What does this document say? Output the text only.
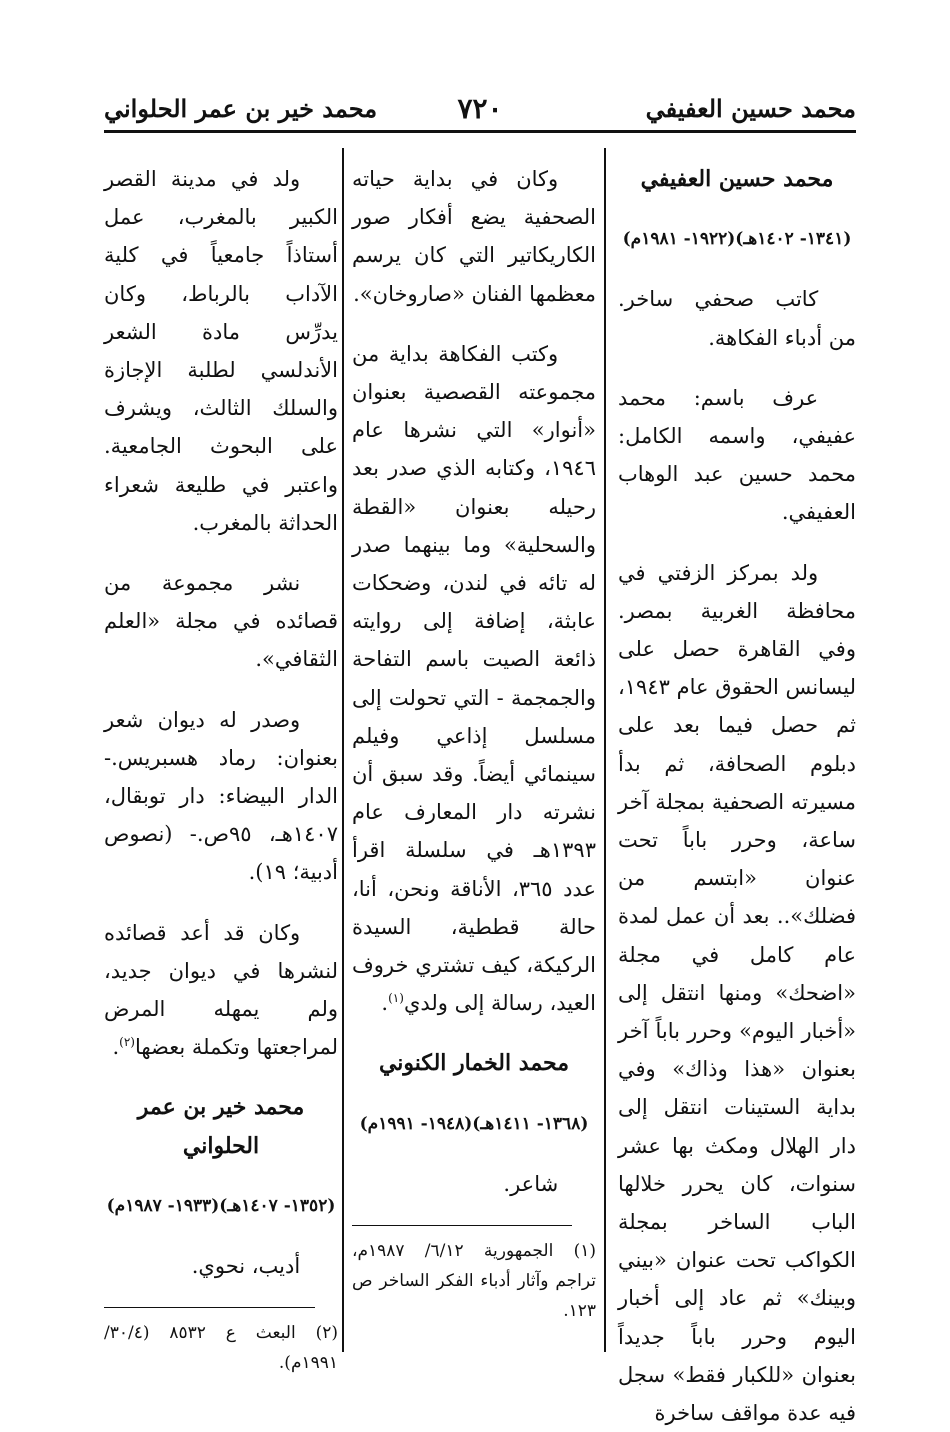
محمد حسين العفيفي
٧٢٠
محمد خير بن عمر الحلواني

محمد حسين العفيفي

(١٣٤١- ١٤٠٢هـ)(١٩٢٢- ١٩٨١م)

كاتب صحفي ساخر. من أدباء الفكاهة.

عرف باسم: محمد عفيفي، واسمه الكامل: محمد حسين عبد الوهاب العفيفي.

ولد بمركز الزفتي في محافظة الغربية بمصر. وفي القاهرة حصل على ليسانس الحقوق عام ١٩٤٣، ثم حصل فيما بعد على دبلوم الصحافة، ثم بدأ مسيرته الصحفية بمجلة آخر ساعة، وحرر باباً تحت عنوان «ابتسم من فضلك».. بعد أن عمل لمدة عام كامل في مجلة «اضحك» ومنها انتقل إلى «أخبار اليوم» وحرر باباً آخر بعنوان «هذا وذاك» وفي بداية الستينات انتقل إلى دار الهلال ومكث بها عشر سنوات، كان يحرر خلالها الباب الساخر بمجلة الكواكب تحت عنوان «بيني وبينك» ثم عاد إلى أخبار اليوم وحرر باباً جديداً بعنوان «للكبار فقط» سجل فيه عدة مواقف ساخرة

وكان في بداية حياته الصحفية يضع أفكار صور الكاريكاتير التي كان يرسم معظمها الفنان «صاروخان».

وكتب الفكاهة بداية من مجموعته القصصية بعنوان «أنوار» التي نشرها عام ١٩٤٦، وكتابه الذي صدر بعد رحيله بعنوان «القطة والسحلية» وما بينهما صدر له تائه في لندن، وضحكات عابثة، إضافة إلى روايته ذائعة الصيت باسم التفاحة والجمجمة - التي تحولت إلى مسلسل إذاعي وفيلم سينمائي أيضاً. وقد سبق أن نشرته دار المعارف عام ١٣٩٣هـ في سلسلة اقرأ عدد ٣٦٥، الأناقة ونحن، أنا، حالة قططية، السيدة الركيكة، كيف تشتري خروف العيد، رسالة إلى ولدي$^{(١)}$.

محمد الخمار الكنوني

(١٣٦٨- ١٤١١هـ)(١٩٤٨- ١٩٩١م)

شاعر.

(١) الجمهورية ٦/١٢/ ١٩٨٧م، تراجم وآثار أدباء الفكر الساخر ص ١٢٣.

ولد في مدينة القصر الكبير بالمغرب، عمل أستاذاً جامعياً في كلية الآداب بالرباط، وكان يدرِّس مادة الشعر الأندلسي لطلبة الإجازة والسلك الثالث، ويشرف على البحوث الجامعية. واعتبر في طليعة شعراء الحداثة بالمغرب.

نشر مجموعة من قصائده في مجلة «العلم الثقافي».

وصدر له ديوان شعر بعنوان: رماد هسبريس.- الدار البيضاء: دار توبقال، ١٤٠٧هـ، ٩٥ص.- (نصوص أدبية؛ ١٩).

وكان قد أعد قصائده لنشرها في ديوان جديد، ولم يمهله المرض لمراجعتها وتكملة بعضها$^{(٢)}$.

محمد خير بن عمر الحلواني

(١٣٥٢- ١٤٠٧هـ)(١٩٣٣- ١٩٨٧م)

أديب، نحوي.

(٢) البعث ع ٨٥٣٢ (٣٠/٤/ ١٩٩١م).
